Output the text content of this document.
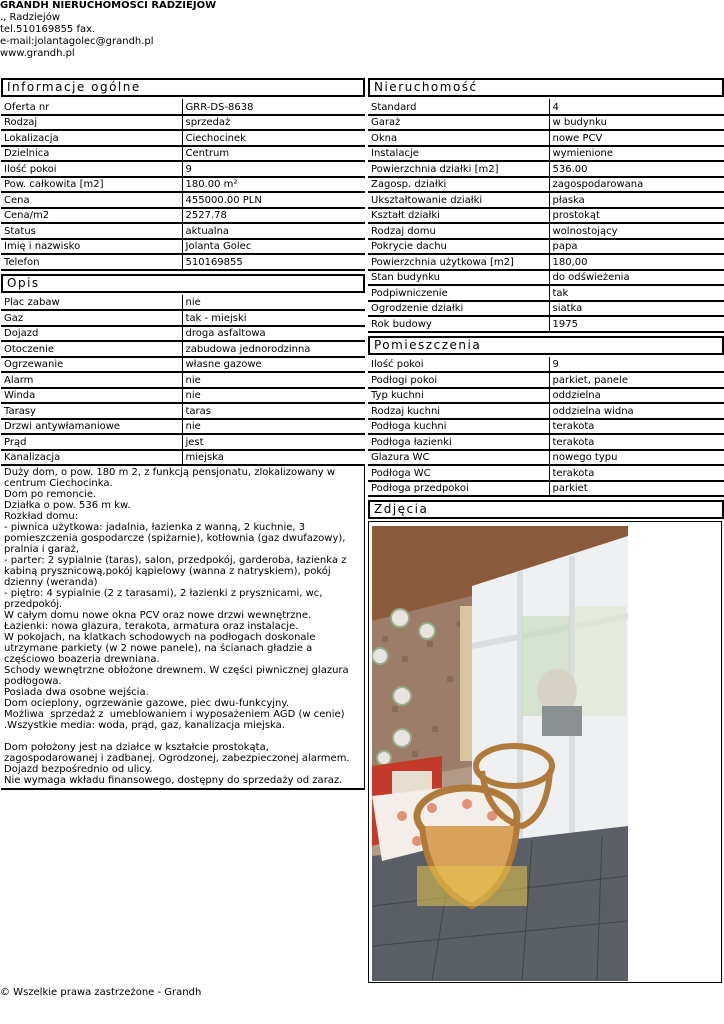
GRANDH NIERUCHOMOŚCI RADZIEJÓW
., Radziejów
tel.510169855 fax.
e-mail:jolantagolec@grandh.pl
www.grandh.pl
Informacje ogólne
Oferta nr	GRR-DS-8638
Rodzaj	sprzedaż
Lokalizacja	Ciechocinek
Dzielnica	Centrum
Ilość pokoi	9
Pow. całkowita [m2]	180.00 m²
Cena	455000.00 PLN
Cena/m2	2527.78
Status	aktualna
Imię i nazwisko	Jolanta Golec
Telefon	510169855
Opis
Plac zabaw	nie
Gaz	tak - miejski
Dojazd	droga asfaltowa
Otoczenie	zabudowa jednorodzinna
Ogrzewanie	własne gazowe
Alarm	nie
Winda	nie
Tarasy	taras
Drzwi antywłamaniowe	nie
Prąd	jest
Kanalizacja	miejska
Duży dom, o pow. 180 m 2, z funkcją pensjonatu, zlokalizowany w
centrum Ciechocinka.
Dom po remoncie.
Działka o pow. 536 m kw.
Rozkład domu:
- piwnica użytkowa: jadalnia, łazienka z wanną, 2 kuchnie, 3
pomieszczenia gospodarcze (spiżarnie), kotłownia (gaz dwufazowy),
pralnia i garaż,
- parter: 2 sypialnie (taras), salon, przedpokój, garderoba, łazienka z
kabiną prysznicową,pokój kąpielowy (wanna z natryskiem), pokój
dzienny (weranda)
- piętro: 4 sypialnie (2 z tarasami), 2 łazienki z prysznicami, wc,
przedpokój.
W całym domu nowe okna PCV oraz nowe drzwi wewnętrzne.
Łazienki: nowa glazura, terakota, armatura oraz instalacje.
W pokojach, na klatkach schodowych na podłogach doskonale
utrzymane parkiety (w 2 nowe panele), na ścianach gładzie a
częściowo boazeria drewniana.
Schody wewnętrzne obłożone drewnem. W części piwnicznej glazura
podłogowa.
Posiada dwa osobne wejścia.
Dom ocieplony, ogrzewanie gazowe, piec dwu-funkcyjny.
Możliwa  sprzedaż z  umeblowaniem i wyposażeniem AGD (w cenie)
.Wszystkie media: woda, prąd, gaz, kanalizacja miejska.

Dom położony jest na działce w kształcie prostokąta,
zagospodarowanej i zadbanej. Ogrodzonej, zabezpieczonej alarmem.
Dojazd bezpośrednio od ulicy.
Nie wymaga wkładu finansowego, dostępny do sprzedaży od zaraz.
Nieruchomość
Standard	4
Garaż	w budynku
Okna	nowe PCV
Instalacje	wymienione
Powierzchnia działki [m2]	536.00
Zagosp. działki	zagospodarowana
Ukształtowanie działki	płaska
Kształt działki	prostokąt
Rodzaj domu	wolnostojący
Pokrycie dachu	papa
Powierzchnia użytkowa [m2]	180,00
Stan budynku	do odświeżenia
Podpiwniczenie	tak
Ogrodzenie działki	siatka
Rok budowy	1975
Pomieszczenia
Ilość pokoi	9
Podłogi pokoi	parkiet, panele
Typ kuchni	oddzielna
Rodzaj kuchni	oddzielna widna
Podłoga kuchni	terakota
Podłoga łazienki	terakota
Glazura WC	nowego typu
Podłoga WC	terakota
Podłoga przedpokoi	parkiet
Zdjęcia
© Wszelkie prawa zastrzeżone - Grandh
